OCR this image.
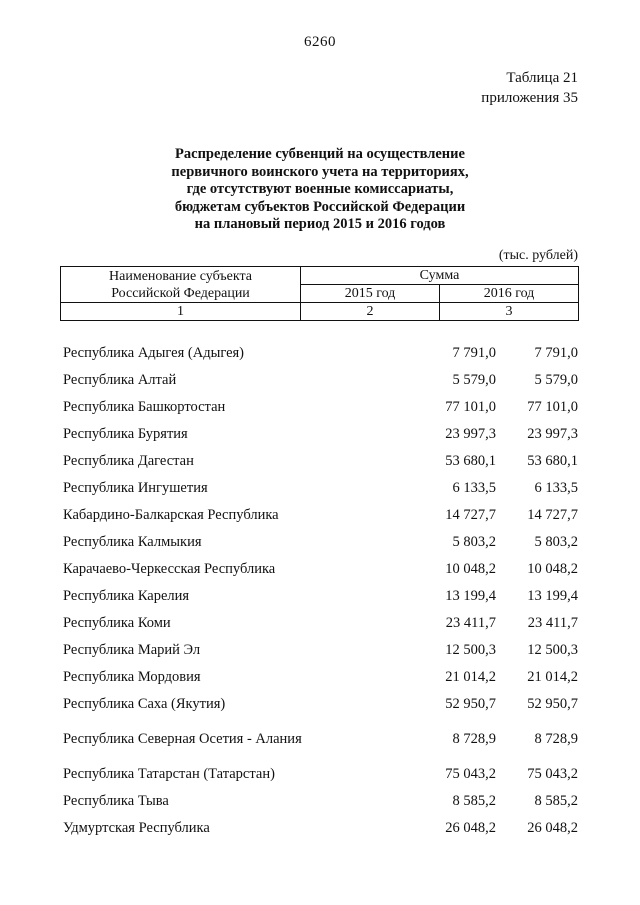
6260
Таблица 21
приложения 35
Распределение субвенций на осуществление
первичного воинского учета на территориях,
где отсутствуют военные комиссариаты,
бюджетам субъектов Российской Федерации
на плановый период 2015 и 2016 годов
(тыс. рублей)
Наименование субъекта
Российской Федерации	Сумма	
	2015 год	2016 год
1	2	3
Республика Адыгея (Адыгея)	7 791,0	7 791,0
Республика Алтай	5 579,0	5 579,0
Республика Башкортостан	77 101,0	77 101,0
Республика Бурятия	23 997,3	23 997,3
Республика Дагестан	53 680,1	53 680,1
Республика Ингушетия	6 133,5	6 133,5
Кабардино-Балкарская Республика	14 727,7	14 727,7
Республика Калмыкия	5 803,2	5 803,2
Карачаево-Черкесская Республика	10 048,2	10 048,2
Республика Карелия	13 199,4	13 199,4
Республика Коми	23 411,7	23 411,7
Республика Марий Эл	12 500,3	12 500,3
Республика Мордовия	21 014,2	21 014,2
Республика Саха (Якутия)	52 950,7	52 950,7
Республика Северная Осетия - Алания	8 728,9	8 728,9
Республика Татарстан (Татарстан)	75 043,2	75 043,2
Республика Тыва	8 585,2	8 585,2
Удмуртская Республика	26 048,2	26 048,2
